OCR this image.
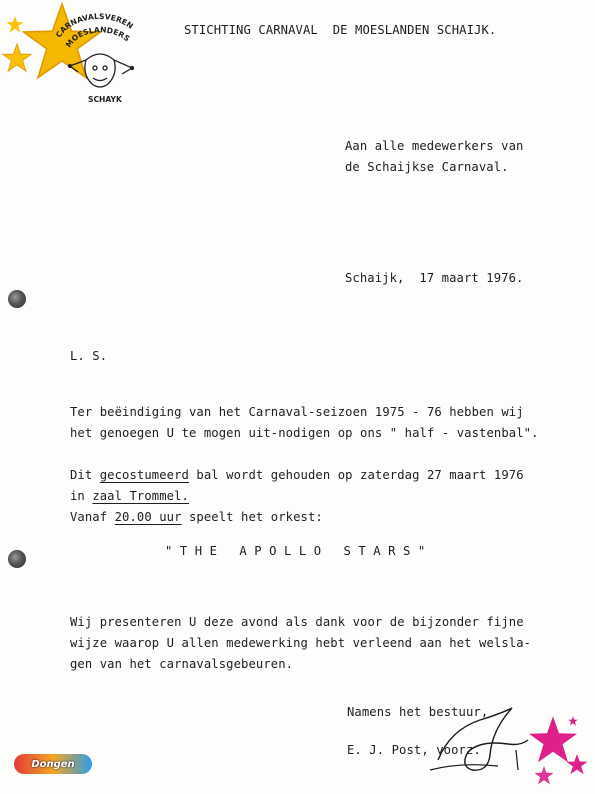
CARNAVALSVEREN
MOESLANDERS
SCHAYK
STICHTING CARNAVAL  DE MOESLANDEN SCHAIJK.
Aan alle medewerkers van
de Schaijkse Carnaval.
Schaijk,  17 maart 1976.
L. S.
Ter beëindiging van het Carnaval-seizoen 1975 - 76 hebben wij
het genoegen U te mogen uit-nodigen op ons " half - vastenbal".
Dit gecostumeerd bal wordt gehouden op zaterdag 27 maart 1976
in zaal Trommel.
Vanaf 20.00 uur speelt het orkest:
" T H E   A P O L L O   S T A R S "
Wij presenteren U deze avond als dank voor de bijzonder fijne
wijze waarop U allen medewerking hebt verleend aan het welsla-
gen van het carnavalsgebeuren.
Namens het bestuur,
E. J. Post, voorz.
Dongen
